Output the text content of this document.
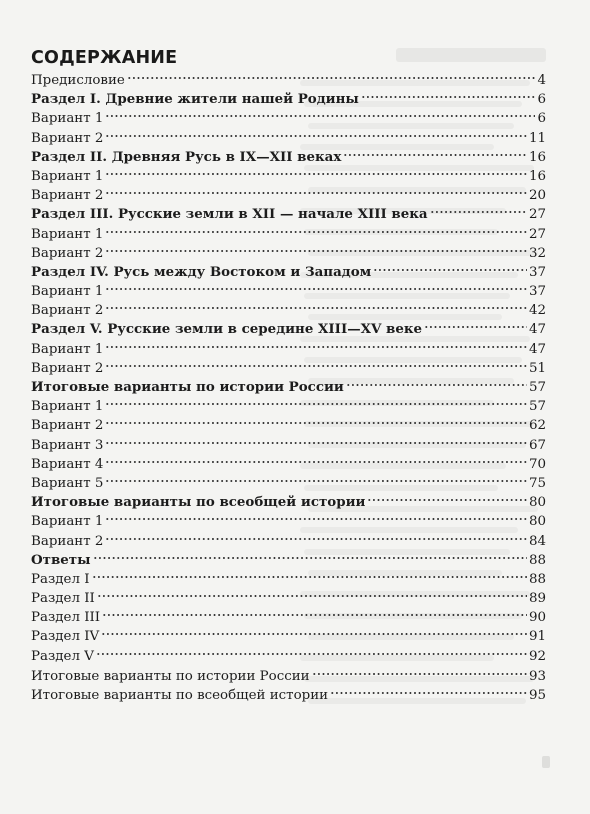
СОДЕРЖАНИЕ
Предисловие	4
Раздел I. Древние жители нашей Родины	6
Вариант 1	6
Вариант 2	11
Раздел II. Древняя Русь в IX—XII веках	16
Вариант 1	16
Вариант 2	20
Раздел III. Русские земли в XII — начале XIII века	27
Вариант 1	27
Вариант 2	32
Раздел IV. Русь между Востоком и Западом	37
Вариант 1	37
Вариант 2	42
Раздел V. Русские земли в середине XIII—XV веке	47
Вариант 1	47
Вариант 2	51
Итоговые варианты по истории России	57
Вариант 1	57
Вариант 2	62
Вариант 3	67
Вариант 4	70
Вариант 5	75
Итоговые варианты по всеобщей истории	80
Вариант 1	80
Вариант 2	84
Ответы	88
Раздел I	88
Раздел II	89
Раздел III	90
Раздел IV	91
Раздел V	92
Итоговые варианты по истории России	93
Итоговые варианты по всеобщей истории	95
